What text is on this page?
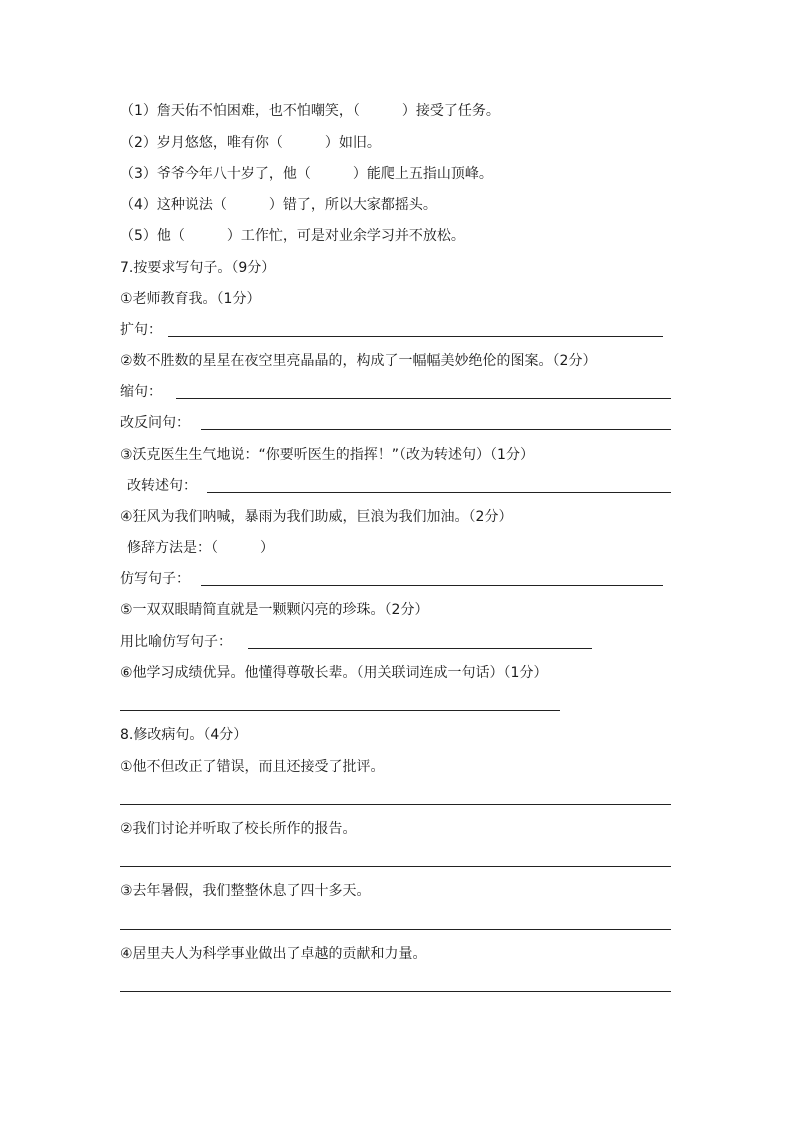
（1）詹天佑不怕困难，也不怕嘲笑，（　　　）接受了任务。
（2）岁月悠悠，唯有你（　　　）如旧。
（3）爷爷今年八十岁了，他（　　　）能爬上五指山顶峰。
（4）这种说法（　　　）错了，所以大家都摇头。
（5）他（　　　）工作忙，可是对业余学习并不放松。
7.按要求写句子。（9分）
①老师教育我。（1分）
扩句：
②数不胜数的星星在夜空里亮晶晶的，构成了一幅幅美妙绝伦的图案。（2分）
缩句：
改反问句：
③沃克医生生气地说：“你要听医生的指挥！”（改为转述句）（1分）
改转述句：
④狂风为我们呐喊，暴雨为我们助威，巨浪为我们加油。（2分）
修辞方法是：（　　　）
仿写句子：
⑤一双双眼睛简直就是一颗颗闪亮的珍珠。（2分）
用比喻仿写句子：
⑥他学习成绩优异。他懂得尊敬长辈。（用关联词连成一句话）（1分）
8.修改病句。（4分）
①他不但改正了错误，而且还接受了批评。
②我们讨论并听取了校长所作的报告。
③去年暑假，我们整整休息了四十多天。
④居里夫人为科学事业做出了卓越的贡献和力量。
